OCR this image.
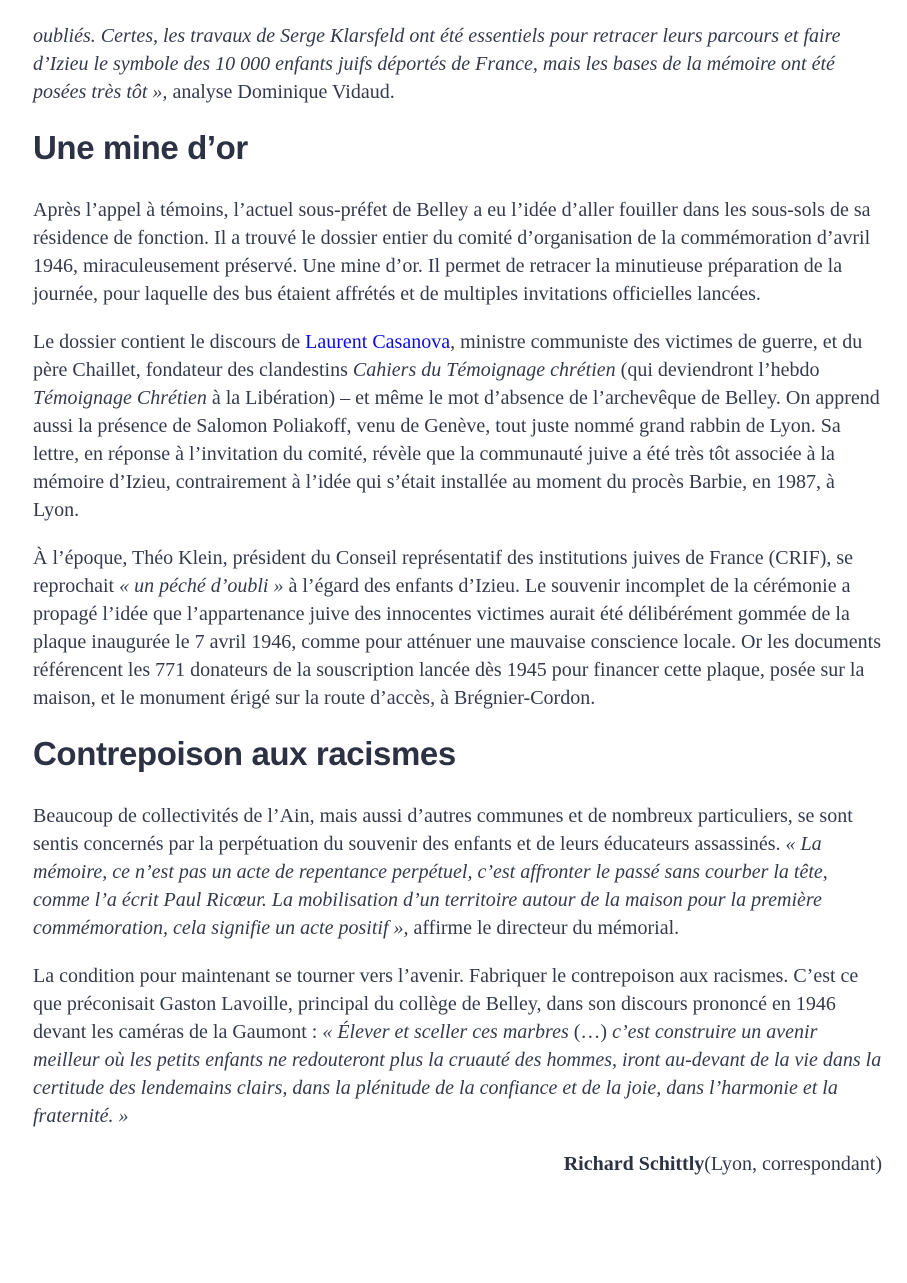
oubliés. Certes, les travaux de Serge Klarsfeld ont été essentiels pour retracer leurs parcours et faire d’Izieu le symbole des 10 000 enfants juifs déportés de France, mais les bases de la mémoire ont été posées très tôt », analyse Dominique Vidaud.

Une mine d’or

Après l’appel à témoins, l’actuel sous-préfet de Belley a eu l’idée d’aller fouiller dans les sous-sols de sa résidence de fonction. Il a trouvé le dossier entier du comité d’organisation de la commémoration d’avril 1946, miraculeusement préservé. Une mine d’or. Il permet de retracer la minutieuse préparation de la journée, pour laquelle des bus étaient affrétés et de multiples invitations officielles lancées.

Le dossier contient le discours de Laurent Casanova, ministre communiste des victimes de guerre, et du père Chaillet, fondateur des clandestins Cahiers du Témoignage chrétien (qui deviendront l’hebdo Témoignage Chrétien à la Libération) – et même le mot d’absence de l’archevêque de Belley. On apprend aussi la présence de Salomon Poliakoff, venu de Genève, tout juste nommé grand rabbin de Lyon. Sa lettre, en réponse à l’invitation du comité, révèle que la communauté juive a été très tôt associée à la mémoire d’Izieu, contrairement à l’idée qui s’était installée au moment du procès Barbie, en 1987, à Lyon.

À l’époque, Théo Klein, président du Conseil représentatif des institutions juives de France (CRIF), se reprochait « un péché d’oubli » à l’égard des enfants d’Izieu. Le souvenir incomplet de la cérémonie a propagé l’idée que l’appartenance juive des innocentes victimes aurait été délibérément gommée de la plaque inaugurée le 7 avril 1946, comme pour atténuer une mauvaise conscience locale. Or les documents référencent les 771 donateurs de la souscription lancée dès 1945 pour financer cette plaque, posée sur la maison, et le monument érigé sur la route d’accès, à Brégnier-Cordon.

Contrepoison aux racismes

Beaucoup de collectivités de l’Ain, mais aussi d’autres communes et de nombreux particuliers, se sont sentis concernés par la perpétuation du souvenir des enfants et de leurs éducateurs assassinés. « La mémoire, ce n’est pas un acte de repentance perpétuel, c’est affronter le passé sans courber la tête, comme l’a écrit Paul Ricœur. La mobilisation d’un territoire autour de la maison pour la première commémoration, cela signifie un acte positif », affirme le directeur du mémorial.

La condition pour maintenant se tourner vers l’avenir. Fabriquer le contrepoison aux racismes. C’est ce que préconisait Gaston Lavoille, principal du collège de Belley, dans son discours prononcé en 1946 devant les caméras de la Gaumont : « Élever et sceller ces marbres (…) c’est construire un avenir meilleur où les petits enfants ne redouteront plus la cruauté des hommes, iront au-devant de la vie dans la certitude des lendemains clairs, dans la plénitude de la confiance et de la joie, dans l’harmonie et la fraternité. »

Richard Schittly(Lyon, correspondant)
